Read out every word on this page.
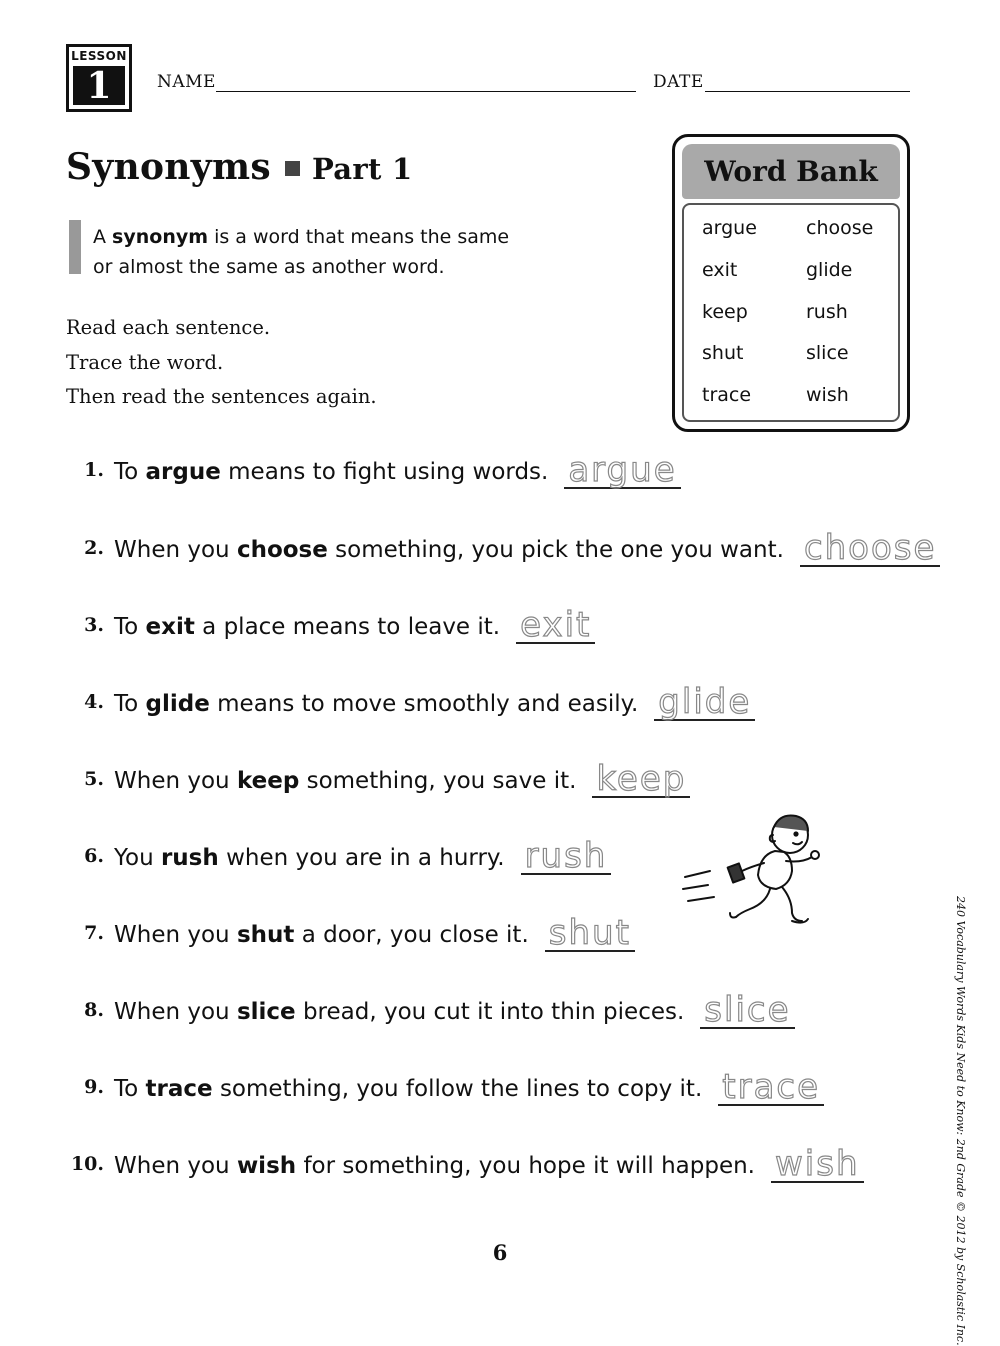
LESSON
1	NAME	DATE
Synonyms Part 1
A synonym is a word that means the same or almost the same as another word.
Read each sentence.
Trace the word.
Then read the sentences again.
Word Bank
argue	choose
exit	glide
keep	rush
shut	slice
trace	wish
1. To argue means to fight using words. argue
2. When you choose something, you pick the one you want. choose
3. To exit a place means to leave it. exit
4. To glide means to move smoothly and easily. glide
5. When you keep something, you save it. keep
6. You rush when you are in a hurry. rush
7. When you shut a door, you close it. shut
8. When you slice bread, you cut it into thin pieces. slice
9. To trace something, you follow the lines to copy it. trace
10. When you wish for something, you hope it will happen. wish
6	240 Vocabulary Words Kids Need to Know: 2nd Grade © 2012 by Scholastic Inc.
